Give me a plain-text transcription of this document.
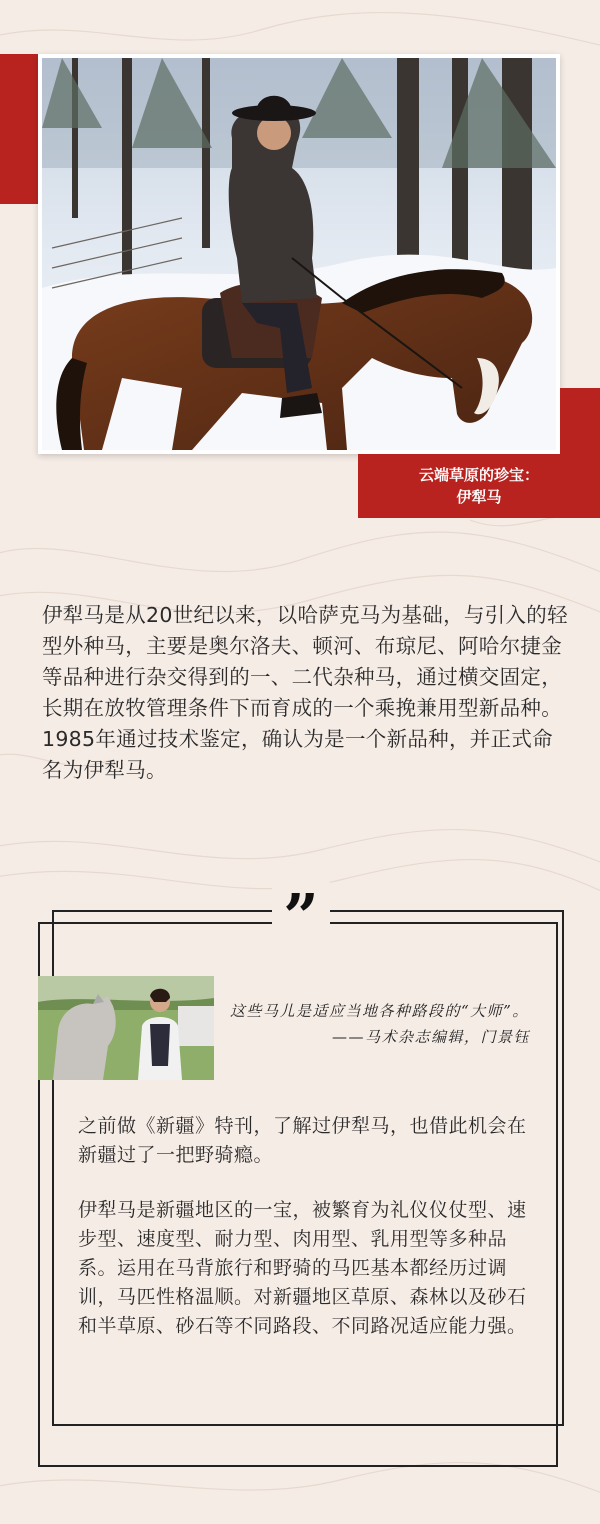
云端草原的珍宝：
伊犁马

伊犁马是从20世纪以来，以哈萨克马为基础，与引入的轻型外种马，主要是奥尔洛夫、顿河、布琼尼、阿哈尔捷金等品种进行杂交得到的一、二代杂种马，通过横交固定，长期在放牧管理条件下而育成的一个乘挽兼用型新品种。1985年通过技术鉴定，确认为是一个新品种，并正式命名为伊犁马。

”
这些马儿是适应当地各种路段的“大师”。
——马术杂志编辑，门景钰

之前做《新疆》特刊，了解过伊犁马，也借此机会在新疆过了一把野骑瘾。

伊犁马是新疆地区的一宝，被繁育为礼仪仪仗型、速步型、速度型、耐力型、肉用型、乳用型等多种品系。运用在马背旅行和野骑的马匹基本都经历过调训，马匹性格温顺。对新疆地区草原、森林以及砂石和半草原、砂石等不同路段、不同路况适应能力强。
